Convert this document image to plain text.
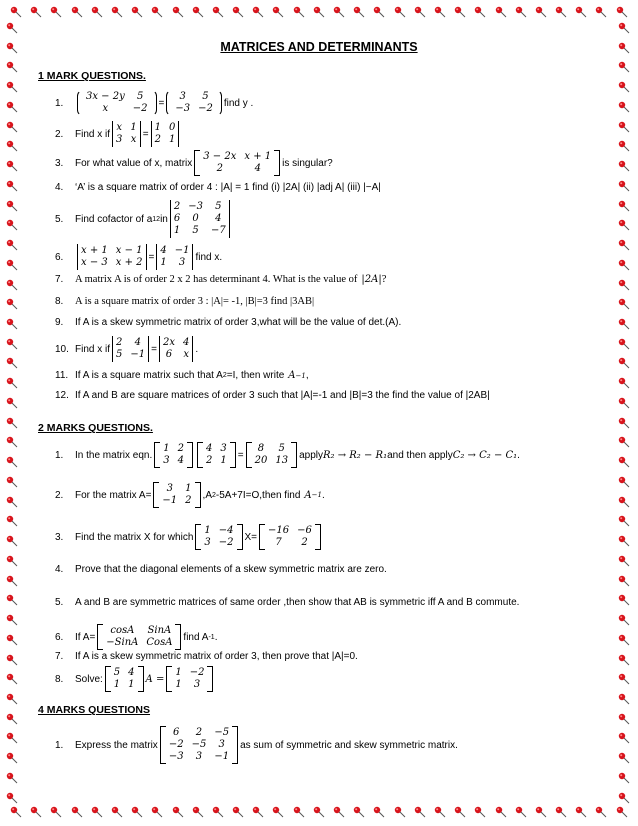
MATRICES AND DETERMINANTS
1 MARK QUESTIONS.
1.
3x − 2y	5
x	−2 =
3	5
−3 −2 find y .
2.	Find x if
x 1
3 x =
1 0
2 1
3.	For what value of x, matrix
3 − 2x x + 1
2	4	is singular?
4.	‘A’ is a square matrix of order 4 : |A| = 1 find (i) |2A| (ii) |adj A| (iii) |−A|
5.	Find cofactor of a 12 in
2 −3	5
6	0	4
1	5	−7
6.
x + 1 x − 1
x − 3 x + 2 =
4 −1
1	3	find x.
7.	A matrix A is of order 2 x 2 has determinant 4. What is the value of |2A| ?
8.	A is a square matrix of order 3 : |A|= -1, |B|=3 find |3AB|
9.	If A is a skew symmetric matrix of order 3,what will be the value of det.(A).
10. Find x if
2	4
5 −1 =
2x 4
6 x .
11. If A is a square matrix such that A 2 =I, then write A −1 ,
12. If A and B are square matrices of order 3 such that |A|=-1 and |B|=3 the find the value of |2AB|
2 MARKS QUESTIONS.
1.	In the matrix eqn.
1 2
3 4
4 3
2 1 =
8	5
20 13 apply R₂ → R₂ − R₁ and then apply C₂ → C₂ − C₁ .
2.	For the matrix A=
3	1
−1 2 ,A 2 -5A+7I=O,then find A −1 .
3.	Find the matrix X for which
1 −4
3 −2 X=
−16 −6
7	2
4.	Prove that the diagonal elements of a skew symmetric matrix are zero.
5.	A and B are symmetric matrices of same order ,then show that AB is symmetric iff A and B commute.
6.	If A=
cosA	SinA
−SinA CosA find A -1 .
7.	If A is a skew symmetric matrix of order 3, then prove that |A|=0.
8.	Solve:
5 4
1 1 A =
1 −2
1	3
4 MARKS QUESTIONS
1.	Express the matrix
6	2	−5
−2 −5	3
−3	3	−1
as sum of symmetric and skew symmetric matrix.
